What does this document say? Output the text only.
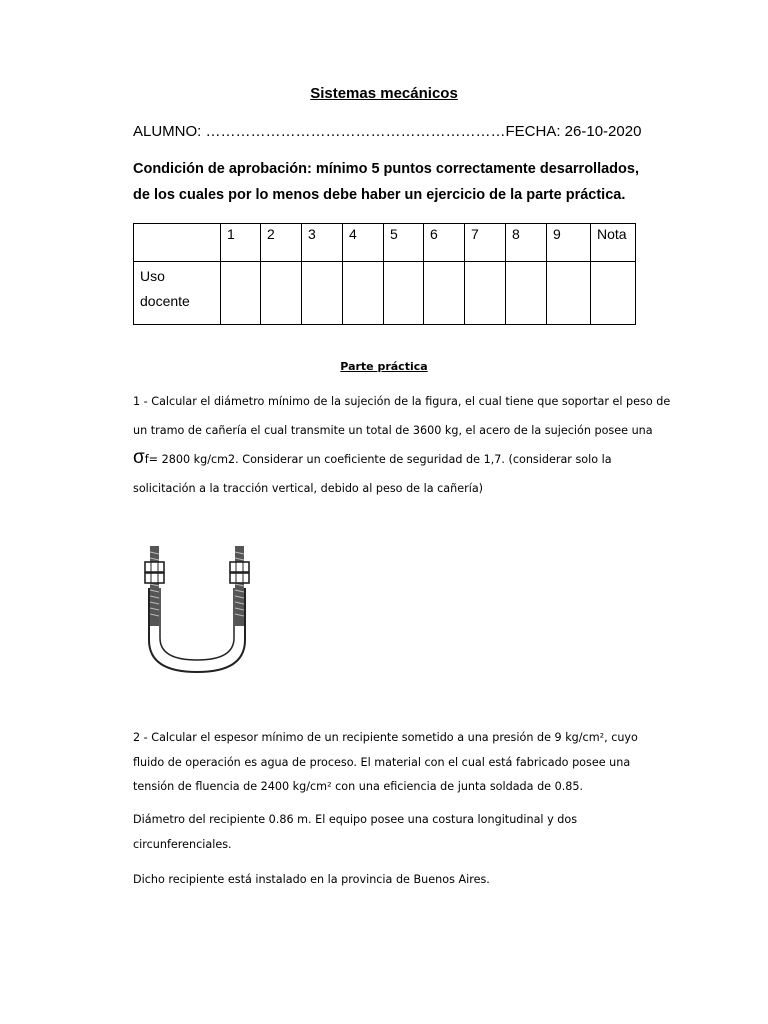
Sistemas mecánicos
ALUMNO: ……………………………………………………FECHA: 26-10-2020
Condición de aprobación: mínimo 5 puntos correctamente desarrollados,
de los cuales por lo menos debe haber un ejercicio de la parte práctica.

	1	2	3	4	5	6	7	8	9	Nota

Uso docente										

Parte práctica
1 - Calcular el diámetro mínimo de la sujeción de la figura, el cual tiene que soportar el peso de
un tramo de cañería el cual transmite un total de 3600 kg, el acero de la sujeción posee una
σf= 2800 kg/cm2. Considerar un coeficiente de seguridad de 1,7. (considerar solo la
solicitación a la tracción vertical, debido al peso de la cañería)
2 - Calcular el espesor mínimo de un recipiente sometido a una presión de 9 kg/cm², cuyo
fluido de operación es agua de proceso. El material con el cual está fabricado posee una
tensión de fluencia de 2400 kg/cm² con una eficiencia de junta soldada de 0.85.
Diámetro del recipiente 0.86 m. El equipo posee una costura longitudinal y dos
circunferenciales.
Dicho recipiente está instalado en la provincia de Buenos Aires.
